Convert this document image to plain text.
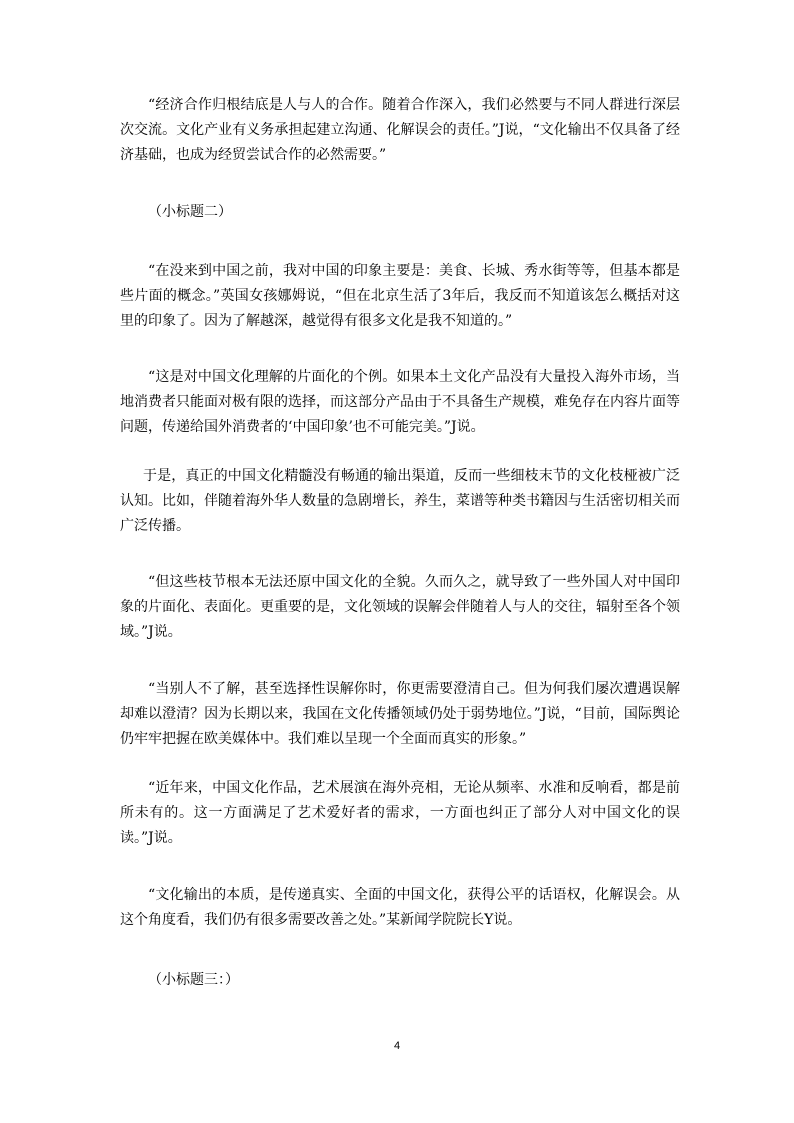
“经济合作归根结底是人与人的合作。随着合作深入，我们必然要与不同人群进行深层次交流。文化产业有义务承担起建立沟通、化解误会的责任。”J说，“文化输出不仅具备了经济基础，也成为经贸尝试合作的必然需要。”

（小标题二）

“在没来到中国之前，我对中国的印象主要是：美食、长城、秀水街等等，但基本都是些片面的概念。”英国女孩娜姆说，“但在北京生活了3年后，我反而不知道该怎么概括对这里的印象了。因为了解越深，越觉得有很多文化是我不知道的。”

“这是对中国文化理解的片面化的个例。如果本土文化产品没有大量投入海外市场，当地消费者只能面对极有限的选择，而这部分产品由于不具备生产规模，难免存在内容片面等问题，传递给国外消费者的‘中国印象’也不可能完美。”J说。

于是，真正的中国文化精髓没有畅通的输出渠道，反而一些细枝末节的文化枝桠被广泛认知。比如，伴随着海外华人数量的急剧增长，养生，菜谱等种类书籍因与生活密切相关而广泛传播。

“但这些枝节根本无法还原中国文化的全貌。久而久之，就导致了一些外国人对中国印象的片面化、表面化。更重要的是，文化领域的误解会伴随着人与人的交往，辐射至各个领域。”J说。

“当别人不了解，甚至选择性误解你时，你更需要澄清自己。但为何我们屡次遭遇误解却难以澄清？因为长期以来，我国在文化传播领域仍处于弱势地位。”J说，“目前，国际舆论仍牢牢把握在欧美媒体中。我们难以呈现一个全面而真实的形象。”

“近年来，中国文化作品，艺术展演在海外亮相，无论从频率、水准和反响看，都是前所未有的。这一方面满足了艺术爱好者的需求，一方面也纠正了部分人对中国文化的误读。”J说。

“文化输出的本质，是传递真实、全面的中国文化，获得公平的话语权，化解误会。从这个角度看，我们仍有很多需要改善之处。”某新闻学院院长Y说。

（小标题三：）

4
